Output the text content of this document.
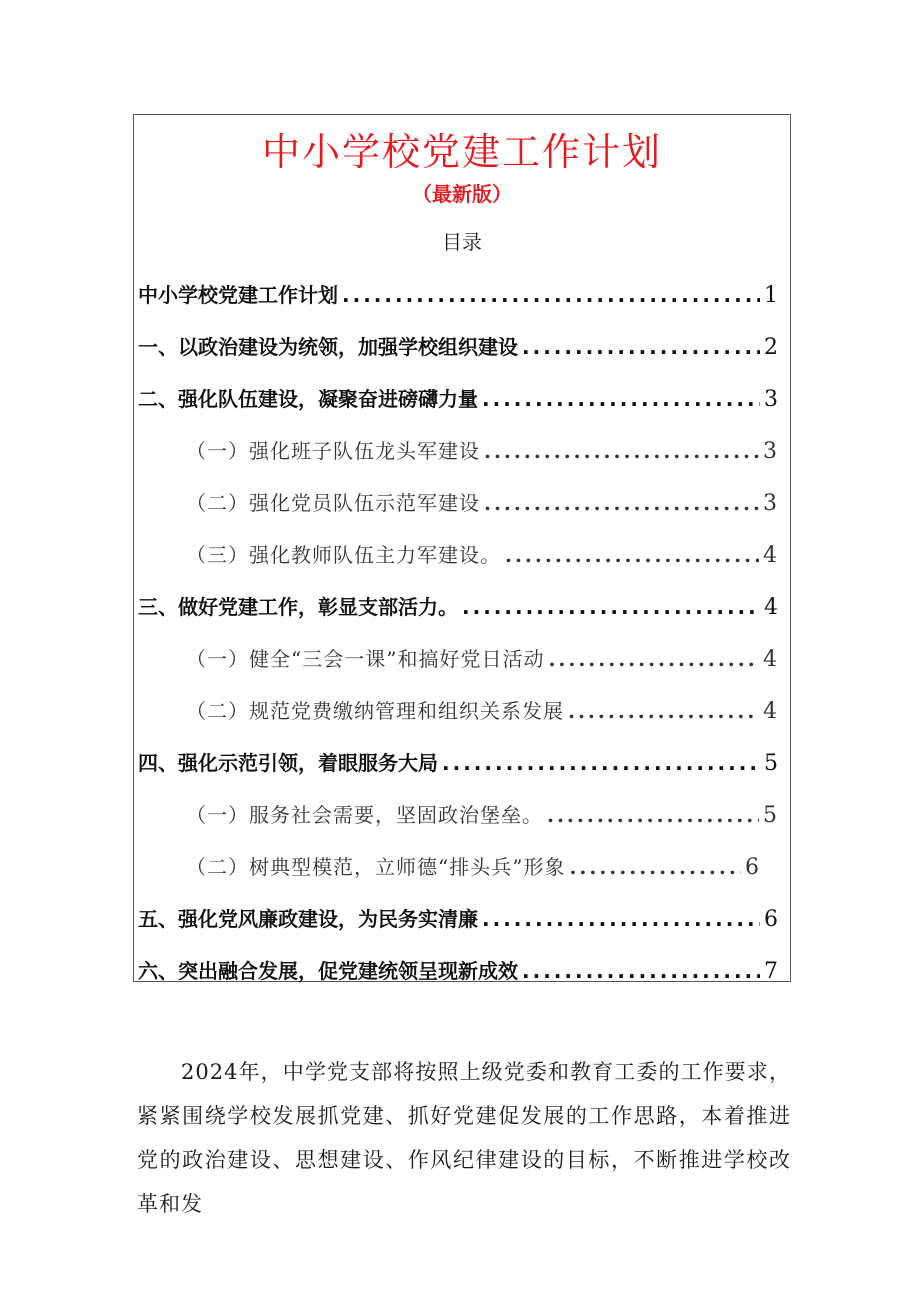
中小学校党建工作计划
（最新版）
目录
中小学校党建工作计划 .....	1
一、以政治建设为统领，加强学校组织建设 .....	2
二、强化队伍建设，凝聚奋进磅礴力量 .....	3
（一）强化班子队伍龙头军建设 .....	3
（二）强化党员队伍示范军建设 .....	3
（三）强化教师队伍主力军建设。 .....	4
三、做好党建工作，彰显支部活力。 .....	4
（一）健全“三会一课”和搞好党日活动 .....	4
（二）规范党费缴纳管理和组织关系发展 .....	4
四、强化示范引领，着眼服务大局 .....	5
（一）服务社会需要，坚固政治堡垒。 .....	5
（二）树典型模范，立师德“排头兵”形象 .....	6
五、强化党风廉政建设，为民务实清廉 .....	6
六、突出融合发展，促党建统领呈现新成效 .....	7

2024年，中学党支部将按照上级党委和教育工委的工作要求，紧紧围绕学校发展抓党建、抓好党建促发展的工作思路，本着推进党的政治建设、思想建设、作风纪律建设的目标，不断推进学校改革和发
